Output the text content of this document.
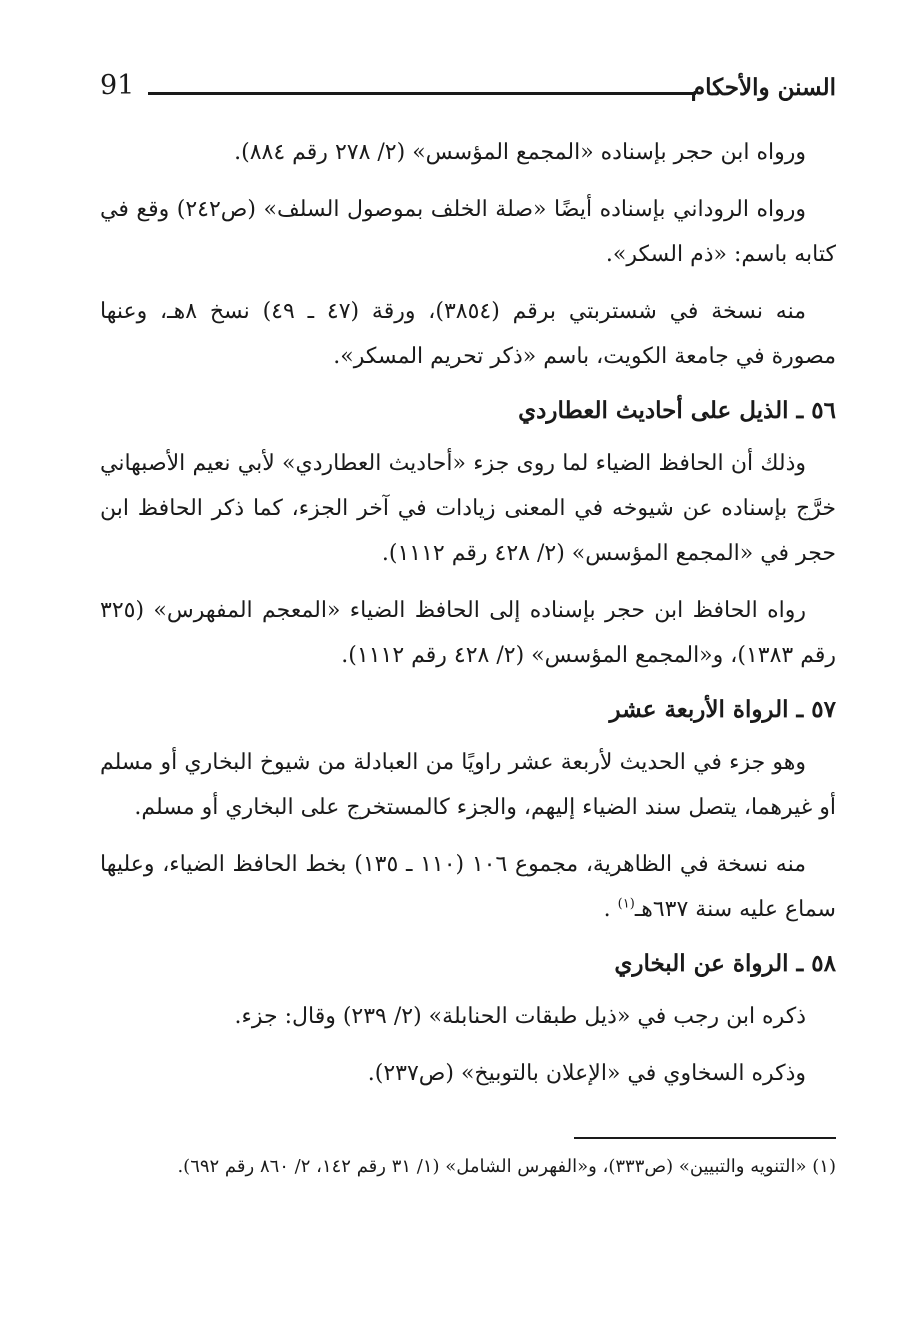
السنن والأحكام
91

ورواه ابن حجر بإسناده «المجمع المؤسس» (٢/ ٢٧٨ رقم ٨٨٤).

ورواه الروداني بإسناده أيضًا «صلة الخلف بموصول السلف» (ص٢٤٢) وقع في كتابه باسم: «ذم السكر».

منه نسخة في شستربتي برقم (٣٨٥٤)، ورقة (٤٧ ـ ٤٩) نسخ ٨هـ، وعنها مصورة في جامعة الكويت، باسم «ذكر تحريم المسكر».

٥٦ ـ الذيل على أحاديث العطاردي

وذلك أن الحافظ الضياء لما روى جزء «أحاديث العطاردي» لأبي نعيم الأصبهاني خرَّج بإسناده عن شيوخه في المعنى زيادات في آخر الجزء، كما ذكر الحافظ ابن حجر في «المجمع المؤسس» (٢/ ٤٢٨ رقم ١١١٢).

رواه الحافظ ابن حجر بإسناده إلى الحافظ الضياء «المعجم المفهرس» (٣٢٥ رقم ١٣٨٣)، و«المجمع المؤسس» (٢/ ٤٢٨ رقم ١١١٢).

٥٧ ـ الرواة الأربعة عشر

وهو جزء في الحديث لأربعة عشر راويًا من العبادلة من شيوخ البخاري أو مسلم أو غيرهما، يتصل سند الضياء إليهم، والجزء كالمستخرج على البخاري أو مسلم.

منه نسخة في الظاهرية، مجموع ١٠٦ (١١٠ ـ ١٣٥) بخط الحافظ الضياء، وعليها سماع عليه سنة ٦٣٧هـ$^{(١)}$ .

٥٨ ـ الرواة عن البخاري

ذكره ابن رجب في «ذيل طبقات الحنابلة» (٢/ ٢٣٩) وقال: جزء.

وذكره السخاوي في «الإعلان بالتوبيخ» (ص٢٣٧).

(١) «التنويه والتبيين» (ص٣٣٣)، و«الفهرس الشامل» (١/ ٣١ رقم ١٤٢، ٢/ ٨٦٠ رقم ٦٩٢).
